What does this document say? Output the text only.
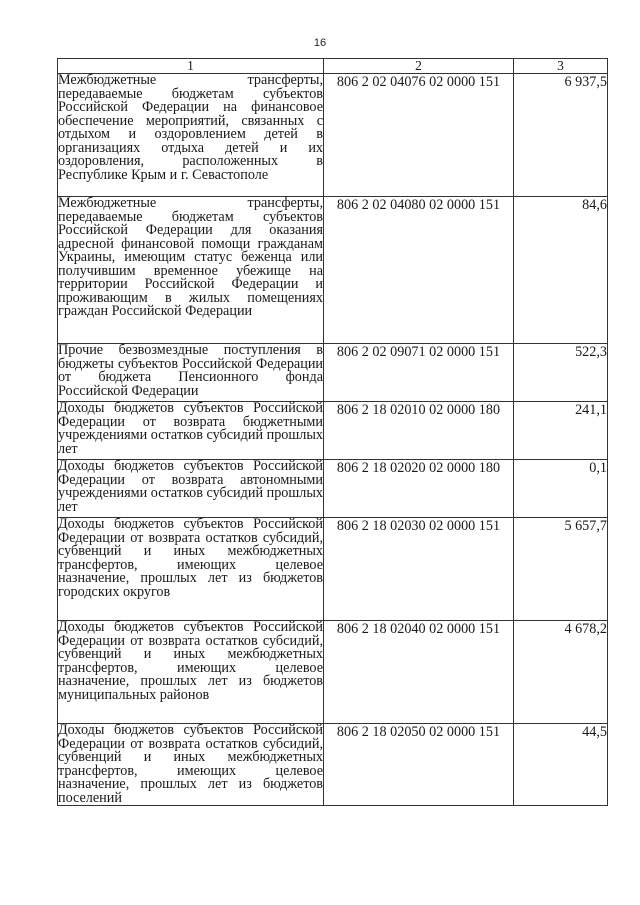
16
1	2	3
Межбюджетные трансферты, передаваемые бюджетам субъектов Российской Федерации на финансовое обеспечение мероприятий, связанных с отдыхом и оздоровлением детей в организациях отдыха детей и их оздоровления, расположенных в Республике Крым и г. Севастополе	806 2 02 04076 02 0000 151	6 937,5
Межбюджетные трансферты, передаваемые бюджетам субъектов Российской Федерации для оказания адресной финансовой помощи гражданам Украины, имеющим статус беженца или получившим временное убежище на территории Российской Федерации и проживающим в жилых помещениях граждан Российской Федерации	806 2 02 04080 02 0000 151	84,6
Прочие безвозмездные поступления в бюджеты субъектов Российской Федерации от бюджета Пенсионного фонда Российской Федерации	806 2 02 09071 02 0000 151	522,3
Доходы бюджетов субъектов Российской Федерации от возврата бюджетными учреждениями остатков субсидий прошлых лет	806 2 18 02010 02 0000 180	241,1
Доходы бюджетов субъектов Российской Федерации от возврата автономными учреждениями остатков субсидий прошлых лет	806 2 18 02020 02 0000 180	0,1
Доходы бюджетов субъектов Российской Федерации от возврата остатков субсидий, субвенций и иных межбюджетных трансфертов, имеющих целевое назначение, прошлых лет из бюджетов городских округов	806 2 18 02030 02 0000 151	5 657,7
Доходы бюджетов субъектов Российской Федерации от возврата остатков субсидий, субвенций и иных межбюджетных трансфертов, имеющих целевое назначение, прошлых лет из бюджетов муниципальных районов	806 2 18 02040 02 0000 151	4 678,2
Доходы бюджетов субъектов Российской Федерации от возврата остатков субсидий, субвенций и иных межбюджетных трансфертов, имеющих целевое назначение, прошлых лет из бюджетов поселений	806 2 18 02050 02 0000 151	44,5
